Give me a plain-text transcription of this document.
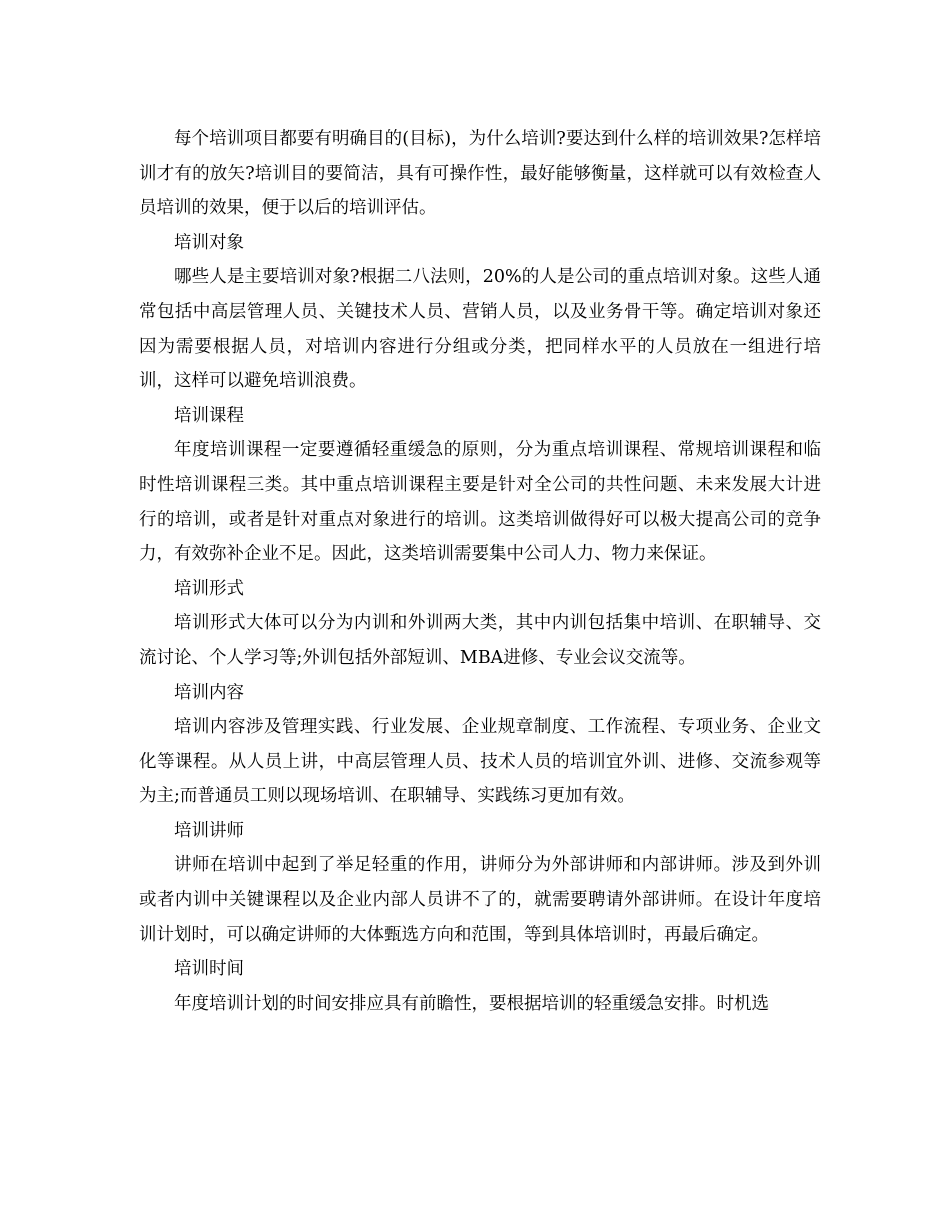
每个培训项目都要有明确目的(目标)，为什么培训?要达到什么样的培训效果?怎样培训才有的放矢?培训目的要简洁，具有可操作性，最好能够衡量，这样就可以有效检查人员培训的效果，便于以后的培训评估。

培训对象

哪些人是主要培训对象?根据二八法则，20%的人是公司的重点培训对象。这些人通常包括中高层管理人员、关键技术人员、营销人员，以及业务骨干等。确定培训对象还因为需要根据人员，对培训内容进行分组或分类，把同样水平的人员放在一组进行培训，这样可以避免培训浪费。

培训课程

年度培训课程一定要遵循轻重缓急的原则，分为重点培训课程、常规培训课程和临时性培训课程三类。其中重点培训课程主要是针对全公司的共性问题、未来发展大计进行的培训，或者是针对重点对象进行的培训。这类培训做得好可以极大提高公司的竞争力，有效弥补企业不足。因此，这类培训需要集中公司人力、物力来保证。

培训形式

培训形式大体可以分为内训和外训两大类，其中内训包括集中培训、在职辅导、交流讨论、个人学习等;外训包括外部短训、MBA进修、专业会议交流等。

培训内容

培训内容涉及管理实践、行业发展、企业规章制度、工作流程、专项业务、企业文化等课程。从人员上讲，中高层管理人员、技术人员的培训宜外训、进修、交流参观等为主;而普通员工则以现场培训、在职辅导、实践练习更加有效。

培训讲师

讲师在培训中起到了举足轻重的作用，讲师分为外部讲师和内部讲师。涉及到外训或者内训中关键课程以及企业内部人员讲不了的，就需要聘请外部讲师。在设计年度培训计划时，可以确定讲师的大体甄选方向和范围，等到具体培训时，再最后确定。

培训时间

年度培训计划的时间安排应具有前瞻性，要根据培训的轻重缓急安排。时机选
